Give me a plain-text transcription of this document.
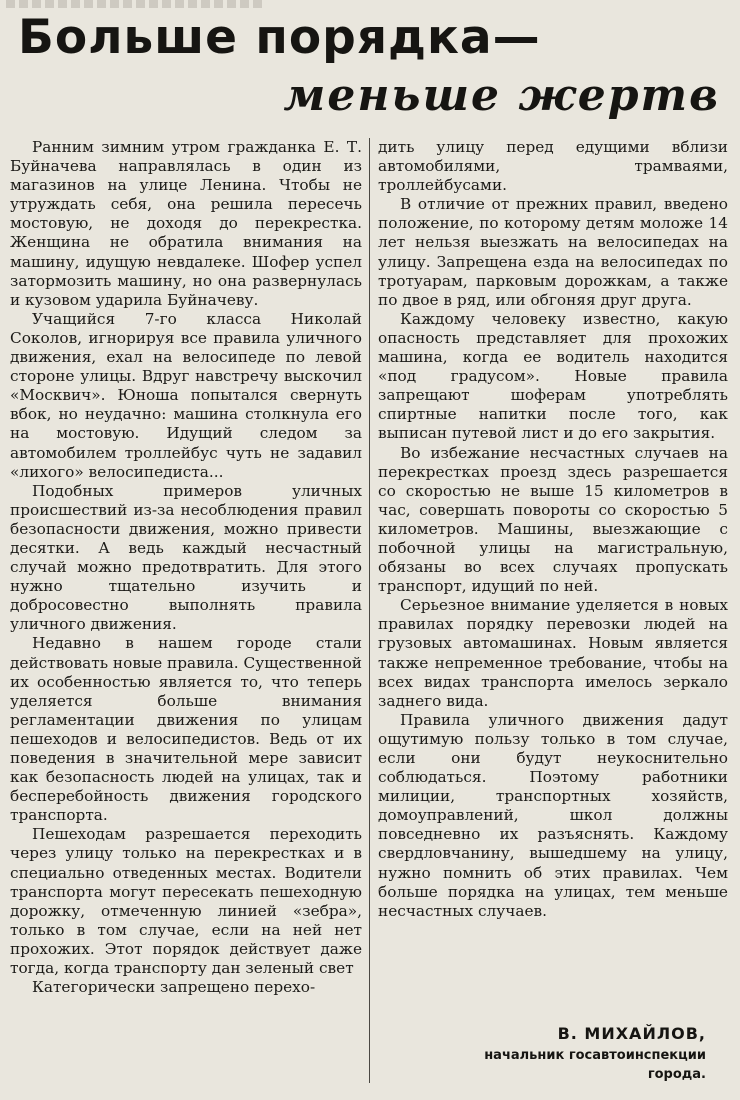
Больше порядка—
меньше жертв

Ранним зимним утром гражданка Е. Т. Буйначева направлялась в один из магазинов на улице Ленина. Чтобы не утруждать себя, она решила пересечь мостовую, не доходя до перекрестка. Женщина не обратила внимания на машину, идущую невдалеке. Шофер успел затормозить машину, но она развернулась и кузовом ударила Буйначеву.

Учащийся 7-го класса Николай Соколов, игнорируя все правила уличного движения, ехал на велосипеде по левой стороне улицы. Вдруг навстречу выскочил «Москвич». Юноша попытался свернуть вбок, но неудачно: машина столкнула его на мостовую. Идущий следом за автомобилем троллейбус чуть не задавил «лихого» велосипедиста...

Подобных примеров уличных происшествий из-за несоблюдения правил безопасности движения, можно привести десятки. А ведь каждый несчастный случай можно предотвратить. Для этого нужно тщательно изучить и добросовестно выполнять правила уличного движения.

Недавно в нашем городе стали действовать новые правила. Существенной их особенностью является то, что теперь уделяется больше внимания регламентации движения по улицам пешеходов и велосипедистов. Ведь от их поведения в значительной мере зависит как безопасность людей на улицах, так и бесперебойность движения городского транспорта.

Пешеходам разрешается переходить через улицу только на перекрестках и в специально отведенных местах. Водители транспорта могут пересекать пешеходную дорожку, отмеченную линией «зебра», только в том случае, если на ней нет прохожих. Этот порядок действует даже тогда, когда транспорту дан зеленый свет

Категорически запрещено перехо-

дить улицу перед едущими вблизи автомобилями, трамваями, троллейбусами.

В отличие от прежних правил, введено положение, по которому детям моложе 14 лет нельзя выезжать на велосипедах на улицу. Запрещена езда на велосипедах по тротуарам, парковым дорожкам, а также по двое в ряд, или обгоняя друг друга.

Каждому человеку известно, какую опасность представляет для прохожих машина, когда ее водитель находится «под градусом». Новые правила запрещают шоферам употреблять спиртные напитки после того, как выписан путевой лист и до его закрытия.

Во избежание несчастных случаев на перекрестках проезд здесь разрешается со скоростью не выше 15 километров в час, совершать повороты со скоростью 5 километров. Машины, выезжающие с побочной улицы на магистральную, обязаны во всех случаях пропускать транспорт, идущий по ней.

Серьезное внимание уделяется в новых правилах порядку перевозки людей на грузовых автомашинах. Новым является также непременное требование, чтобы на всех видах транспорта имелось зеркало заднего вида.

Правила уличного движения дадут ощутимую пользу только в том случае, если они будут неукоснительно соблюдаться. Поэтому работники милиции, транспортных хозяйств, домоуправлений, школ должны повседневно их разъяснять. Каждому свердловчанину, вышедшему на улицу, нужно помнить об этих правилах. Чем больше порядка на улицах, тем меньше несчастных случаев.

В. МИХАЙЛОВ,
начальник госавтоинспекции города.
